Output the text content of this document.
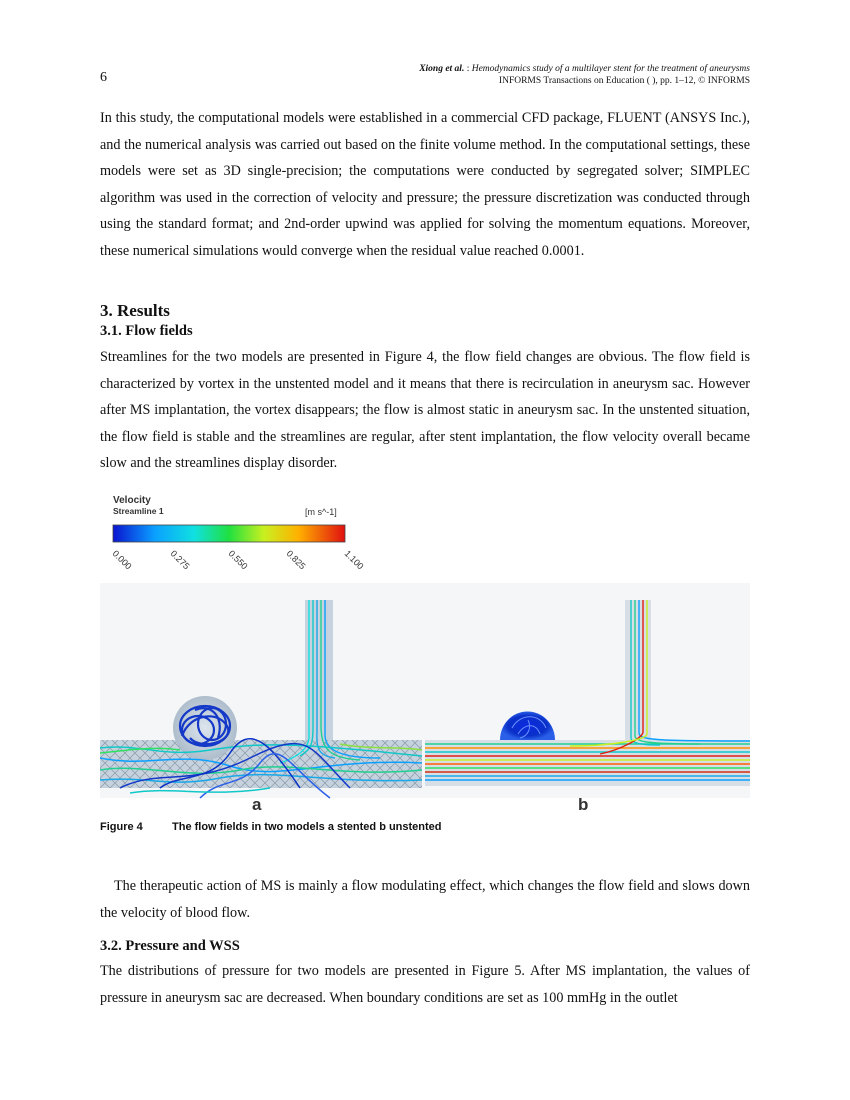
6
Xiong et al. : Hemodynamics study of a multilayer stent for the treatment of aneurysms
INFORMS Transactions on Education ( ), pp. 1–12, © INFORMS

In this study, the computational models were established in a commercial CFD package, FLUENT (ANSYS Inc.), and the numerical analysis was carried out based on the finite volume method. In the computational settings, these models were set as 3D single-precision; the computations were conducted by segregated solver; SIMPLEC algorithm was used in the correction of velocity and pressure; the pressure discretization was conducted through using the standard format; and 2nd-order upwind was applied for solving the momentum equations. Moreover, these numerical simulations would converge when the residual value reached 0.0001.

3. Results
3.1. Flow fields

Streamlines for the two models are presented in Figure 4, the flow field changes are obvious. The flow field is characterized by vortex in the unstented model and it means that there is recirculation in aneurysm sac. However after MS implantation, the vortex disappears; the flow is almost static in aneurysm sac. In the unstented situation, the flow field is stable and the streamlines are regular, after stent implantation, the flow velocity overall became slow and the streamlines display disorder.

Velocity
Streamline 1	[m s^-1]
0.000	0.275	0.550	0.825	1.100
a	b
Figure 4	The flow fields in two models a stented b unstented

The therapeutic action of MS is mainly a flow modulating effect, which changes the flow field and slows down the velocity of blood flow.

3.2. Pressure and WSS

The distributions of pressure for two models are presented in Figure 5. After MS implantation, the values of pressure in aneurysm sac are decreased. When boundary conditions are set as 100 mmHg in the outlet
